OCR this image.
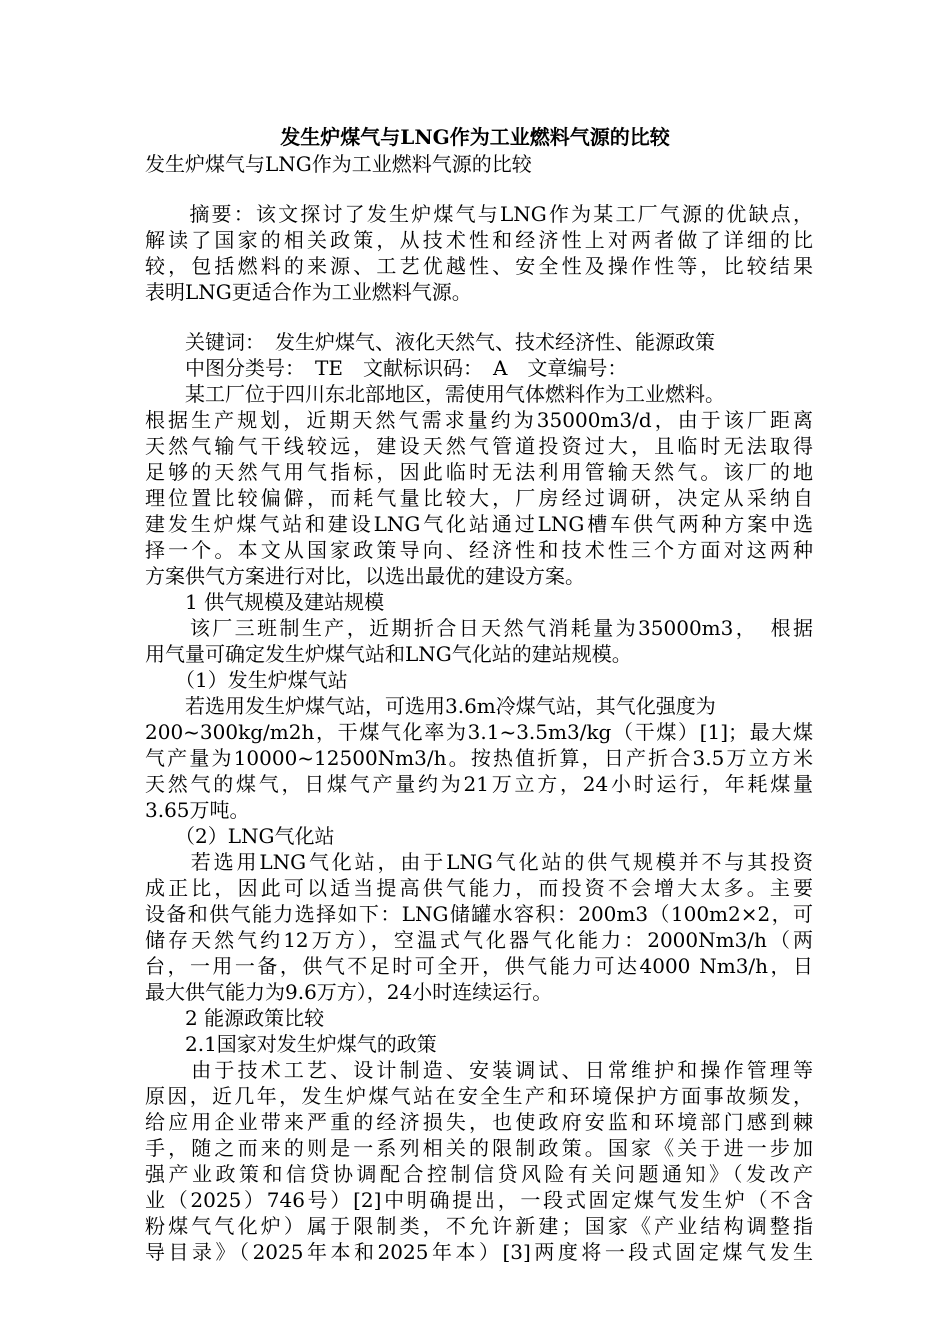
发生炉煤气与LNG作为工业燃料气源的比较
发生炉煤气与LNG作为工业燃料气源的比较
　　摘要：该文探讨了发生炉煤气与LNG作为某工厂气源的优缺点，
解读了国家的相关政策，从技术性和经济性上对两者做了详细的比
较，包括燃料的来源、工艺优越性、安全性及操作性等，比较结果
表明LNG更适合作为工业燃料气源。
　　关键词：　发生炉煤气、液化天然气、技术经济性、能源政策
　　中图分类号：　TE　文献标识码：　A　文章编号：
　　某工厂位于四川东北部地区，需使用气体燃料作为工业燃料。
根据生产规划，近期天然气需求量约为35000m3/d，由于该厂距离
天然气输气干线较远，建设天然气管道投资过大，且临时无法取得
足够的天然气用气指标，因此临时无法利用管输天然气。该厂的地
理位置比较偏僻，而耗气量比较大，厂房经过调研，决定从采纳自
建发生炉煤气站和建设LNG气化站通过LNG槽车供气两种方案中选
择一个。本文从国家政策导向、经济性和技术性三个方面对这两种
方案供气方案进行对比，以选出最优的建设方案。
　　1 供气规模及建站规模
　　该厂三班制生产，近期折合日天然气消耗量为35000m3，　根据
用气量可确定发生炉煤气站和LNG气化站的建站规模。
　　（1）发生炉煤气站
　　若选用发生炉煤气站，可选用3.6m冷煤气站，其气化强度为
200~300kg/m2h，干煤气化率为3.1~3.5m3/kg（干煤）[1]；最大煤
气产量为10000~12500Nm3/h。按热值折算，日产折合3.5万立方米
天然气的煤气，日煤气产量约为21万立方，24小时运行，年耗煤量
3.65万吨。
　　（2）LNG气化站
　　若选用LNG气化站，由于LNG气化站的供气规模并不与其投资
成正比，因此可以适当提高供气能力，而投资不会增大太多。主要
设备和供气能力选择如下：LNG储罐水容积：200m3（100m2×2，可
储存天然气约12万方），空温式气化器气化能力：2000Nm3/h（两
台，一用一备，供气不足时可全开，供气能力可达4000 Nm3/h，日
最大供气能力为9.6万方），24小时连续运行。
　　2 能源政策比较
　　2.1国家对发生炉煤气的政策
　　由于技术工艺、设计制造、安装调试、日常维护和操作管理等
原因，近几年，发生炉煤气站在安全生产和环境保护方面事故频发，
给应用企业带来严重的经济损失，也使政府安监和环境部门感到棘
手，随之而来的则是一系列相关的限制政策。国家《关于进一步加
强产业政策和信贷协调配合控制信贷风险有关问题通知》（发改产
业（2025）746号）[2]中明确提出，一段式固定煤气发生炉（不含
粉煤气气化炉）属于限制类，不允许新建；国家《产业结构调整指
导目录》（2025年本和2025年本）[3]两度将一段式固定煤气发生
